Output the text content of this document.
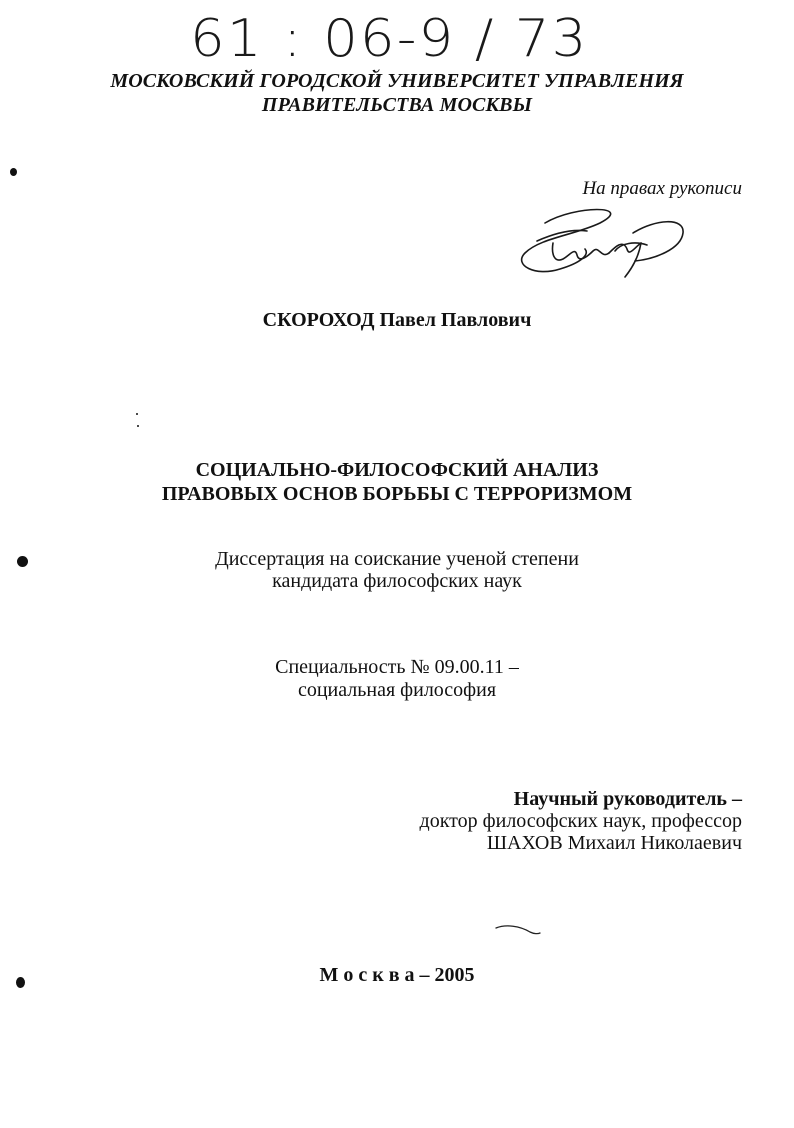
61 : 06-9 / 73
МОСКОВСКИЙ ГОРОДСКОЙ УНИВЕРСИТЕТ УПРАВЛЕНИЯ
ПРАВИТЕЛЬСТВА МОСКВЫ
На правах рукописи
СКОРОХОД Павел Павлович
СОЦИАЛЬНО-ФИЛОСОФСКИЙ АНАЛИЗ
ПРАВОВЫХ ОСНОВ БОРЬБЫ С ТЕРРОРИЗМОМ
Диссертация на соискание ученой степени
кандидата философских наук
Специальность № 09.00.11 –
социальная философия
Научный руководитель –
доктор философских наук, профессор
ШАХОВ Михаил Николаевич
М о с к в а – 2005
